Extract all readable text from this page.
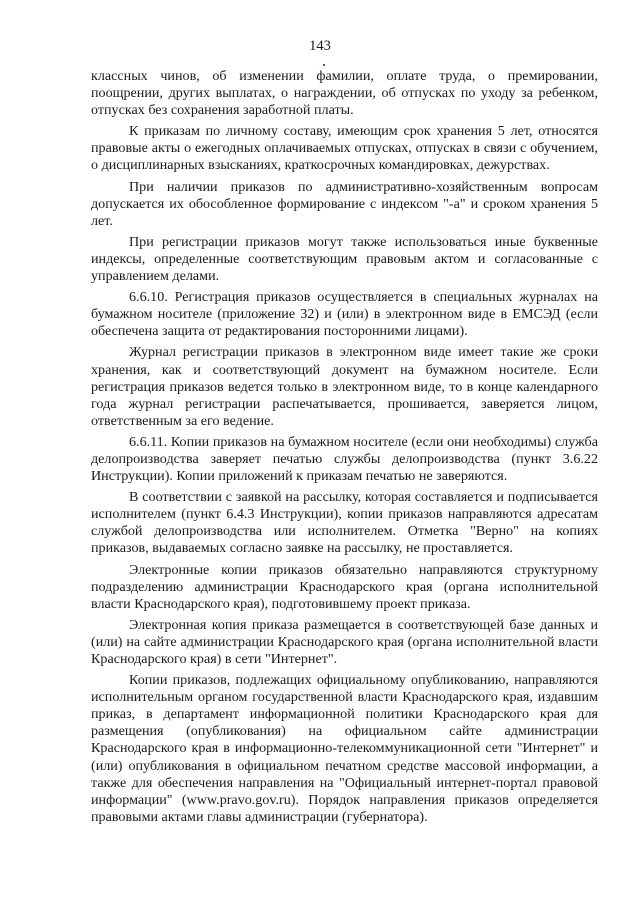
143

классных чинов, об изменении фамилии, оплате труда, о премировании, поощрении, других выплатах, о награждении, об отпусках по уходу за ребенком, отпусках без сохранения заработной платы.

К приказам по личному составу, имеющим срок хранения 5 лет, относятся правовые акты о ежегодных оплачиваемых отпусках, отпусках в связи с обучением, о дисциплинарных взысканиях, краткосрочных командировках, дежурствах.

При наличии приказов по административно-хозяйственным вопросам допускается их обособленное формирование с индексом "-а" и сроком хранения 5 лет.

При регистрации приказов могут также использоваться иные буквенные индексы, определенные соответствующим правовым актом и согласованные с управлением делами.

6.6.10. Регистрация приказов осуществляется в специальных журналах на бумажном носителе (приложение 32) и (или) в электронном виде в ЕМСЭД (если обеспечена защита от редактирования посторонними лицами).

Журнал регистрации приказов в электронном виде имеет такие же сроки хранения, как и соответствующий документ на бумажном носителе. Если регистрация приказов ведется только в электронном виде, то в конце календарного года журнал регистрации распечатывается, прошивается, заверяется лицом, ответственным за его ведение.

6.6.11. Копии приказов на бумажном носителе (если они необходимы) служба делопроизводства заверяет печатью службы делопроизводства (пункт 3.6.22 Инструкции). Копии приложений к приказам печатью не заверяются.

В соответствии с заявкой на рассылку, которая составляется и подписывается исполнителем (пункт 6.4.3 Инструкции), копии приказов направляются адресатам службой делопроизводства или исполнителем. Отметка "Верно" на копиях приказов, выдаваемых согласно заявке на рассылку, не проставляется.

Электронные копии приказов обязательно направляются структурному подразделению администрации Краснодарского края (органа исполнительной власти Краснодарского края), подготовившему проект приказа.

Электронная копия приказа размещается в соответствующей базе данных и (или) на сайте администрации Краснодарского края (органа исполнительной власти Краснодарского края) в сети "Интернет".

Копии приказов, подлежащих официальному опубликованию, направляются исполнительным органом государственной власти Краснодарского края, издавшим приказ, в департамент информационной политики Краснодарского края для размещения (опубликования) на официальном сайте администрации Краснодарского края в информационно-телекоммуникационной сети "Интернет" и (или) опубликования в официальном печатном средстве массовой информации, а также для обеспечения направления на "Официальный интернет-портал правовой информации" (www.pravo.gov.ru). Порядок направления приказов определяется правовыми актами главы администрации (губернатора).
